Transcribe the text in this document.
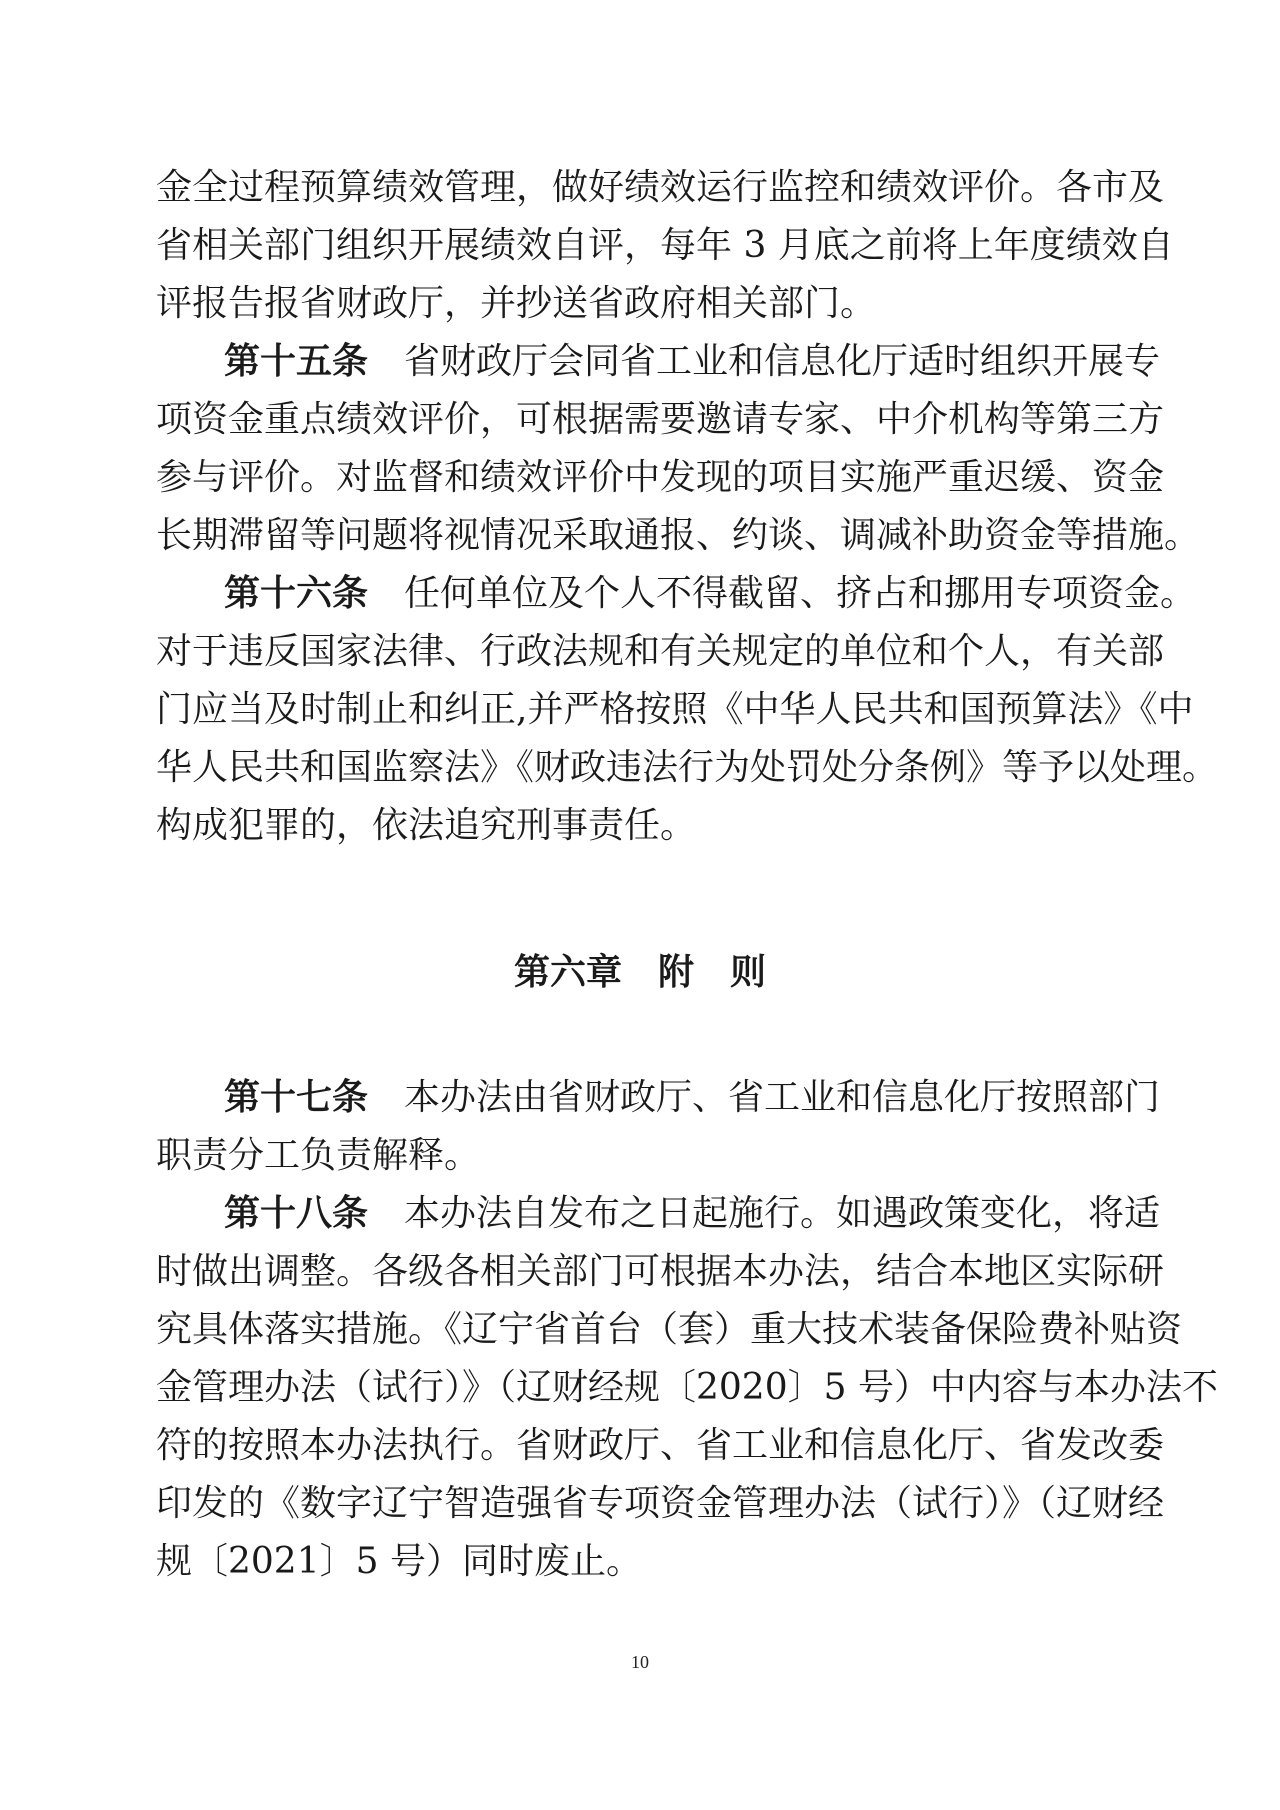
金全过程预算绩效管理，做好绩效运行监控和绩效评价。各市及
省相关部门组织开展绩效自评，每年 3 月底之前将上年度绩效自
评报告报省财政厅，并抄送省政府相关部门。
第十五条 省财政厅会同省工业和信息化厅适时组织开展专
项资金重点绩效评价，可根据需要邀请专家、中介机构等第三方
参与评价。对监督和绩效评价中发现的项目实施严重迟缓、资金
长期滞留等问题将视情况采取通报、约谈、调减补助资金等措施。
第十六条 任何单位及个人不得截留、挤占和挪用专项资金。
对于违反国家法律、行政法规和有关规定的单位和个人，有关部
门应当及时制止和纠正,并严格按照《中华人民共和国预算法》《中
华人民共和国监察法》《财政违法行为处罚处分条例》等予以处理。
构成犯罪的，依法追究刑事责任。
第六章　附　则
第十七条 本办法由省财政厅、省工业和信息化厅按照部门
职责分工负责解释。
第十八条 本办法自发布之日起施行。如遇政策变化，将适
时做出调整。各级各相关部门可根据本办法，结合本地区实际研
究具体落实措施。《辽宁省首台（套）重大技术装备保险费补贴资
金管理办法（试行）》（辽财经规〔2020〕5 号）中内容与本办法不
符的按照本办法执行。省财政厅、省工业和信息化厅、省发改委
印发的《数字辽宁智造强省专项资金管理办法（试行）》（辽财经
规〔2021〕5 号）同时废止。
10
